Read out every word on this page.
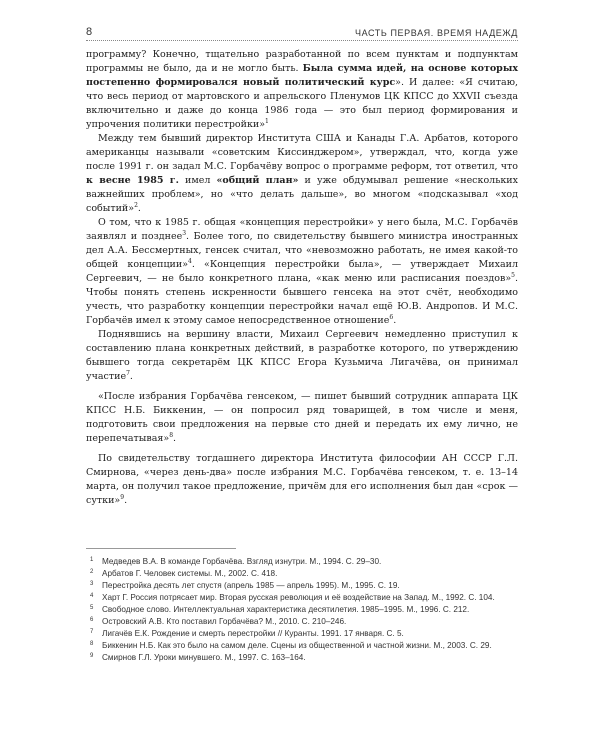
8	ЧАСТЬ ПЕРВАЯ. ВРЕМЯ НАДЕЖД

программу? Конечно, тщательно разработанной по всем пунктам и подпунктам программы не было, да и не могло быть. Была сумма идей, на основе которых постепенно формировался новый политический курс». И далее: «Я считаю, что весь период от мартовского и апрельского Пленумов ЦК КПСС до XXVII съезда включительно и даже до конца 1986 года — это был период формирования и упрочения политики перестройки»$^1$

Между тем бывший директор Института США и Канады Г.А. Арбатов, которого американцы называли «советским Киссинджером», утверждал, что, когда уже после 1991 г. он задал М.С. Горбачёву вопрос о программе реформ, тот ответил, что к весне 1985 г. имел «общий план» и уже обдумывал решение «нескольких важнейших проблем», но «что делать дальше», во многом «подсказывал «ход событий»$^2$.

О том, что к 1985 г. общая «концепция перестройки» у него была, М.С. Горбачёв заявлял и позднее$^3$. Более того, по свидетельству бывшего министра иностранных дел А.А. Бессмертных, генсек считал, что «невозможно работать, не имея какой-то общей концепции»$^4$. «Концепция перестройки была», — утверждает Михаил Сергеевич, — не было конкретного плана, «как меню или расписания поездов»$^5$. Чтобы понять степень искренности бывшего генсека на этот счёт, необходимо учесть, что разработку концепции перестройки начал ещё Ю.В. Андропов. И М.С. Горбачёв имел к этому самое непосредственное отношение$^6$.

Поднявшись на вершину власти, Михаил Сергеевич немедленно приступил к составлению плана конкретных действий, в разработке которого, по утверждению бывшего тогда секретарём ЦК КПСС Егора Кузьмича Лигачёва, он принимал участие$^7$.

«После избрания Горбачёва генсеком, — пишет бывший сотрудник аппарата ЦК КПСС Н.Б. Биккенин, — он попросил ряд товарищей, в том числе и меня, подготовить свои предложения на первые сто дней и передать их ему лично, не перепечатывая»$^8$.

По свидетельству тогдашнего директора Института философии АН СССР Г.Л. Смирнова, «через день-два» после избрания М.С. Горбачёва генсеком, т. е. 13–14 марта, он получил такое предложение, причём для его исполнения был дан «срок — сутки»$^9$.

1 Медведев В.А. В команде Горбачёва. Взгляд изнутри. М., 1994. С. 29–30.
2 Арбатов Г. Человек системы. М., 2002. С. 418.
3 Перестройка десять лет спустя (апрель 1985 — апрель 1995). М., 1995. С. 19.
4 Харт Г. Россия потрясает мир. Вторая русская революция и её воздействие на Запад. М., 1992. С. 104.
5 Свободное слово. Интеллектуальная характеристика десятилетия. 1985–1995. М., 1996. С. 212.
6 Островский А.В. Кто поставил Горбачёва? М., 2010. С. 210–246.
7 Лигачёв Е.К. Рождение и смерть перестройки // Куранты. 1991. 17 января. С. 5.
8 Биккенин Н.Б. Как это было на самом деле. Сцены из общественной и частной жизни. М., 2003. С. 29.
9 Смирнов Г.Л. Уроки минувшего. М., 1997. С. 163–164.
